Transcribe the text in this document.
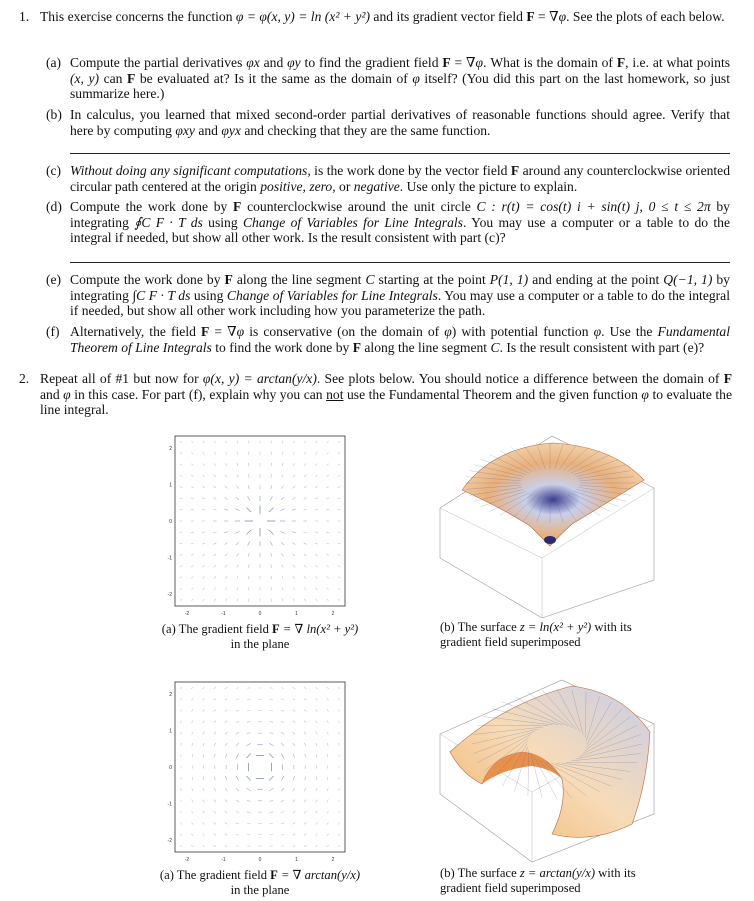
1. This exercise concerns the function φ = φ(x, y) = ln (x² + y²) and its gradient vector field F = ∇φ. See the plots of each below.
(a) Compute the partial derivatives φx and φy to find the gradient field F = ∇φ. What is the domain of F, i.e. at what points (x, y) can F be evaluated at? Is it the same as the domain of φ itself? (You did this part on the last homework, so just summarize here.)
(b) In calculus, you learned that mixed second-order partial derivatives of reasonable functions should agree. Verify that here by computing φxy and φyx and checking that they are the same function.
(c) Without doing any significant computations, is the work done by the vector field F around any counterclockwise oriented circular path centered at the origin positive, zero, or negative. Use only the picture to explain.
(d) Compute the work done by F counterclockwise around the unit circle C : r(t) = cos(t) i + sin(t) j, 0 ≤ t ≤ 2π by integrating ∮C F · T ds using Change of Variables for Line Integrals. You may use a computer or a table to do the integral if needed, but show all other work. Is the result consistent with part (c)?
(e) Compute the work done by F along the line segment C starting at the point P(1, 1) and ending at the point Q(−1, 1) by integrating ∫C F · T ds using Change of Variables for Line Integrals. You may use a computer or a table to do the integral if needed, but show all other work including how you parameterize the path.
(f) Alternatively, the field F = ∇φ is conservative (on the domain of φ) with potential function φ. Use the Fundamental Theorem of Line Integrals to find the work done by F along the line segment C. Is the result consistent with part (e)?
2. Repeat all of #1 but now for φ(x, y) = arctan(y/x). See plots below. You should notice a difference between the domain of F and φ in this case. For part (f), explain why you can not use the Fundamental Theorem and the given function φ to evaluate the line integral.
-2
-2
-1
-1
0
0
1
1
2
2
(a) The gradient field F = ∇ ln(x² + y²)
in the plane
(b) The surface z = ln(x² + y²) with its
gradient field superimposed
-2
-2
-1
-1
0
0
1
1
2
2
(a) The gradient field F = ∇ arctan(y/x)
in the plane
(b) The surface z = arctan(y/x) with its
gradient field superimposed
